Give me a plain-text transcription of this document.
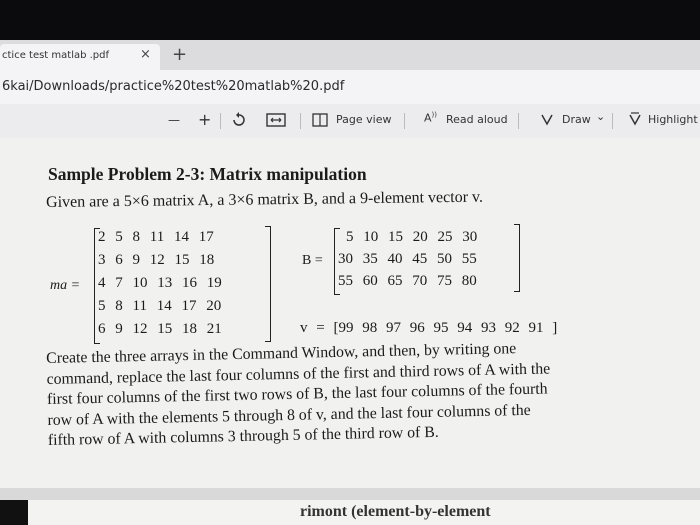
ctice test matlab .pdf × +
6kai/Downloads/practice%20test%20matlab%20.pdf
— +	Page view	A)) Read aloud	Draw ⌄	Highlight
Sample Problem 2-3: Matrix manipulation
Given are a 5×6 matrix A, a 3×6 matrix B, and a 9-element vector v.
ma =
2 5 8 11 14 17
3 6 9 12 15 18
4 7 10 13 16 19
5 8 11 14 17 20
6 9 12 15 18 21
B =
5 10 15 20 25 30
30 35 40 45 50 55
55 60 65 70 75 80
v = [99 98 97 96 95 94 93 92 91 ]
Create the three arrays in the Command Window, and then, by writing one
command, replace the last four columns of the first and third rows of A with the
first four columns of the first two rows of B, the last four columns of the fourth
row of A with the elements 5 through 8 of v, and the last four columns of the
fifth row of A with columns 3 through 5 of the third row of B.
rimont (element-by-element
